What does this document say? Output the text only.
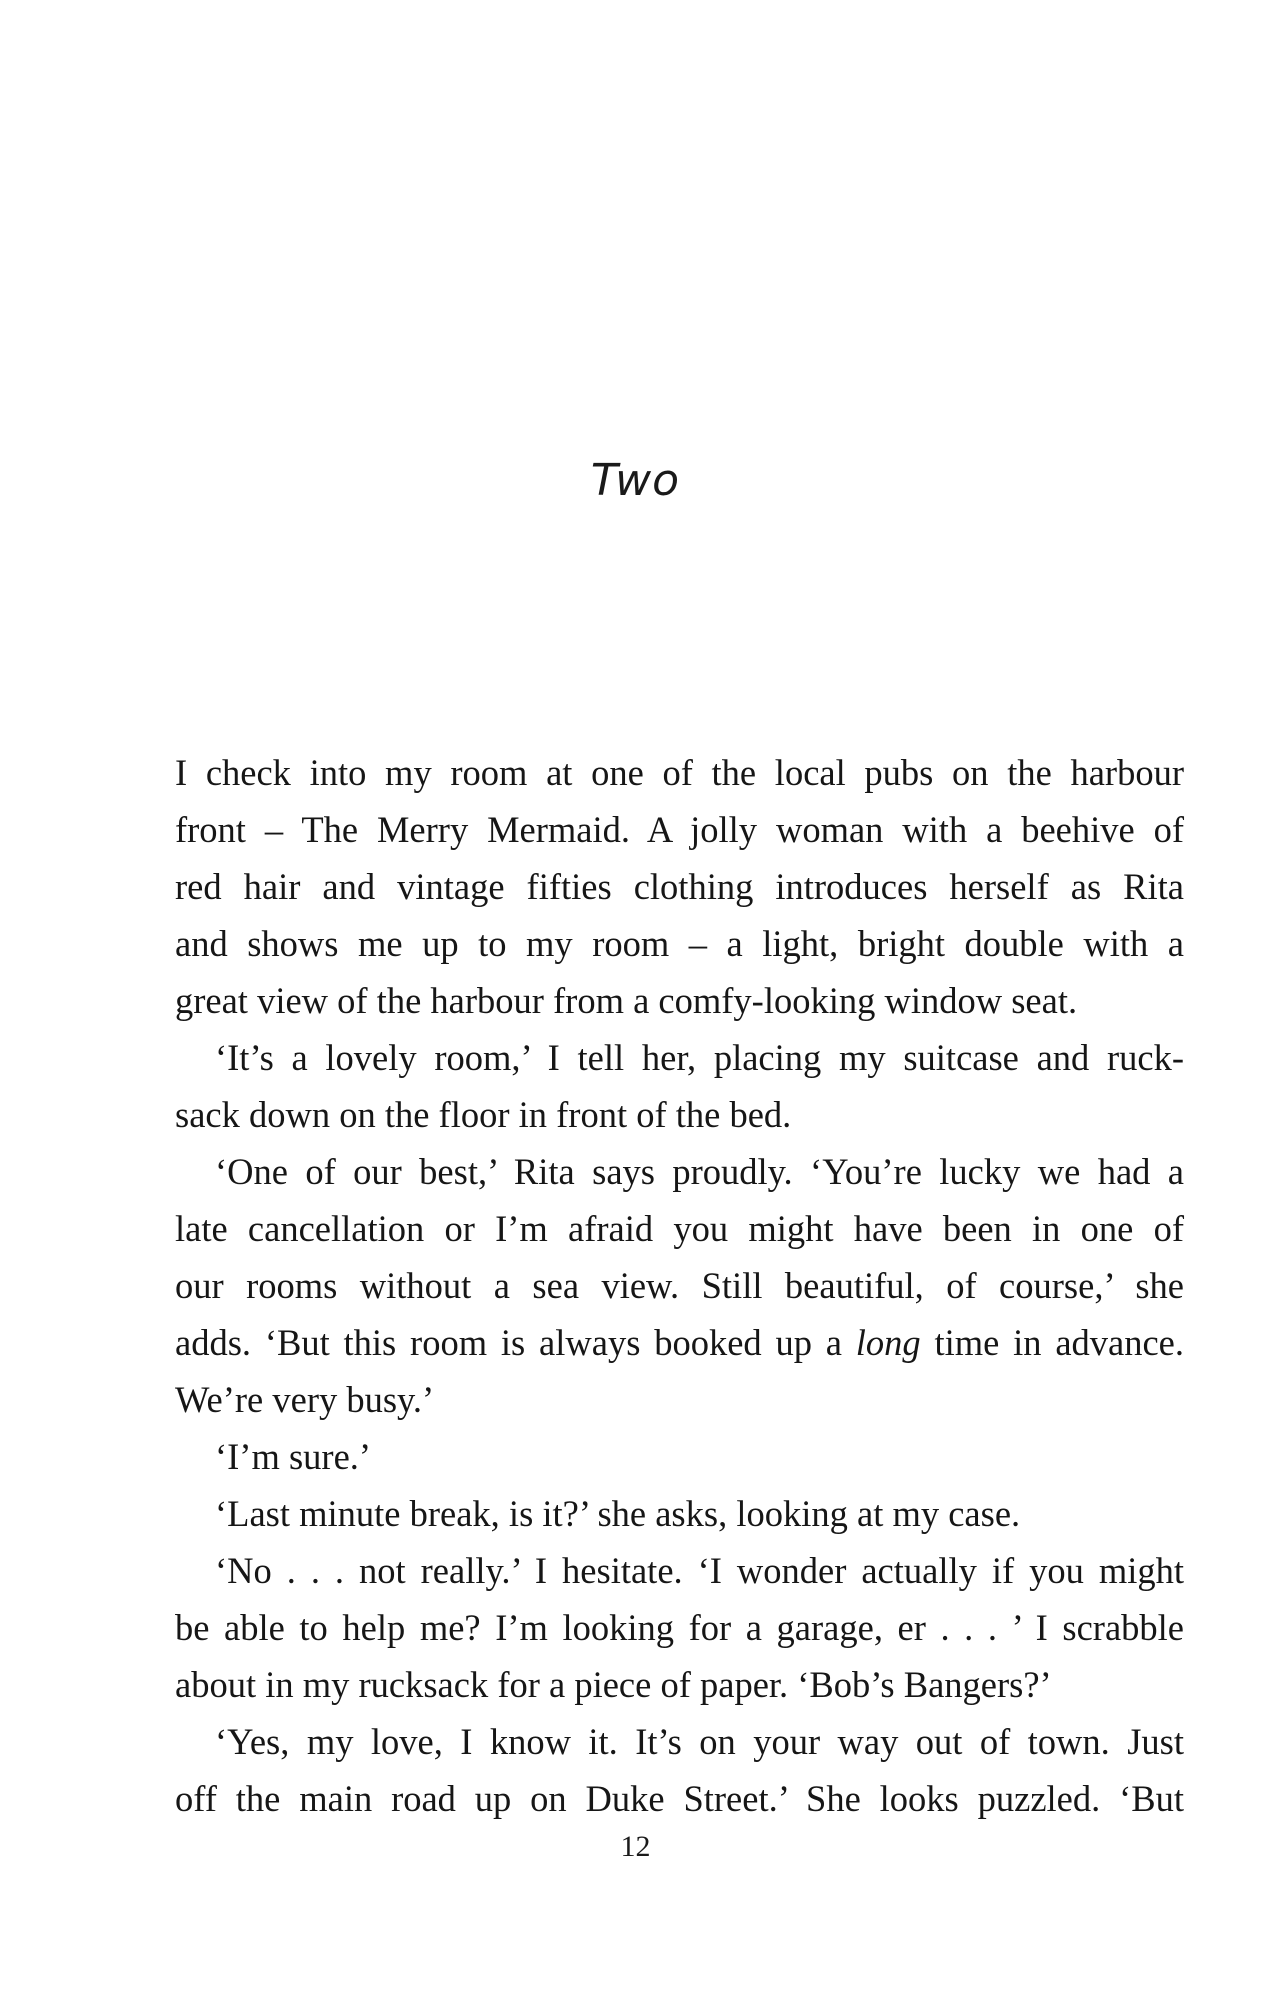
Two

I check into my room at one of the local pubs on the harbour

front – The Merry Mermaid. A jolly woman with a beehive of

red hair and vintage fifties clothing introduces herself as Rita

and shows me up to my room – a light, bright double with a

great view of the harbour from a comfy-looking window seat.

‘It’s a lovely room,’ I tell her, placing my suitcase and ruck-

sack down on the floor in front of the bed.

‘One of our best,’ Rita says proudly. ‘You’re lucky we had a

late cancellation or I’m afraid you might have been in one of

our rooms without a sea view. Still beautiful, of course,’ she

adds. ‘But this room is always booked up a long time in advance.

We’re very busy.’

‘I’m sure.’

‘Last minute break, is it?’ she asks, looking at my case.

‘No . . . not really.’ I hesitate. ‘I wonder actually if you might

be able to help me? I’m looking for a garage, er . . . ’ I scrabble

about in my rucksack for a piece of paper. ‘Bob’s Bangers?’

‘Yes, my love, I know it. It’s on your way out of town. Just

off the main road up on Duke Street.’ She looks puzzled. ‘But

12
